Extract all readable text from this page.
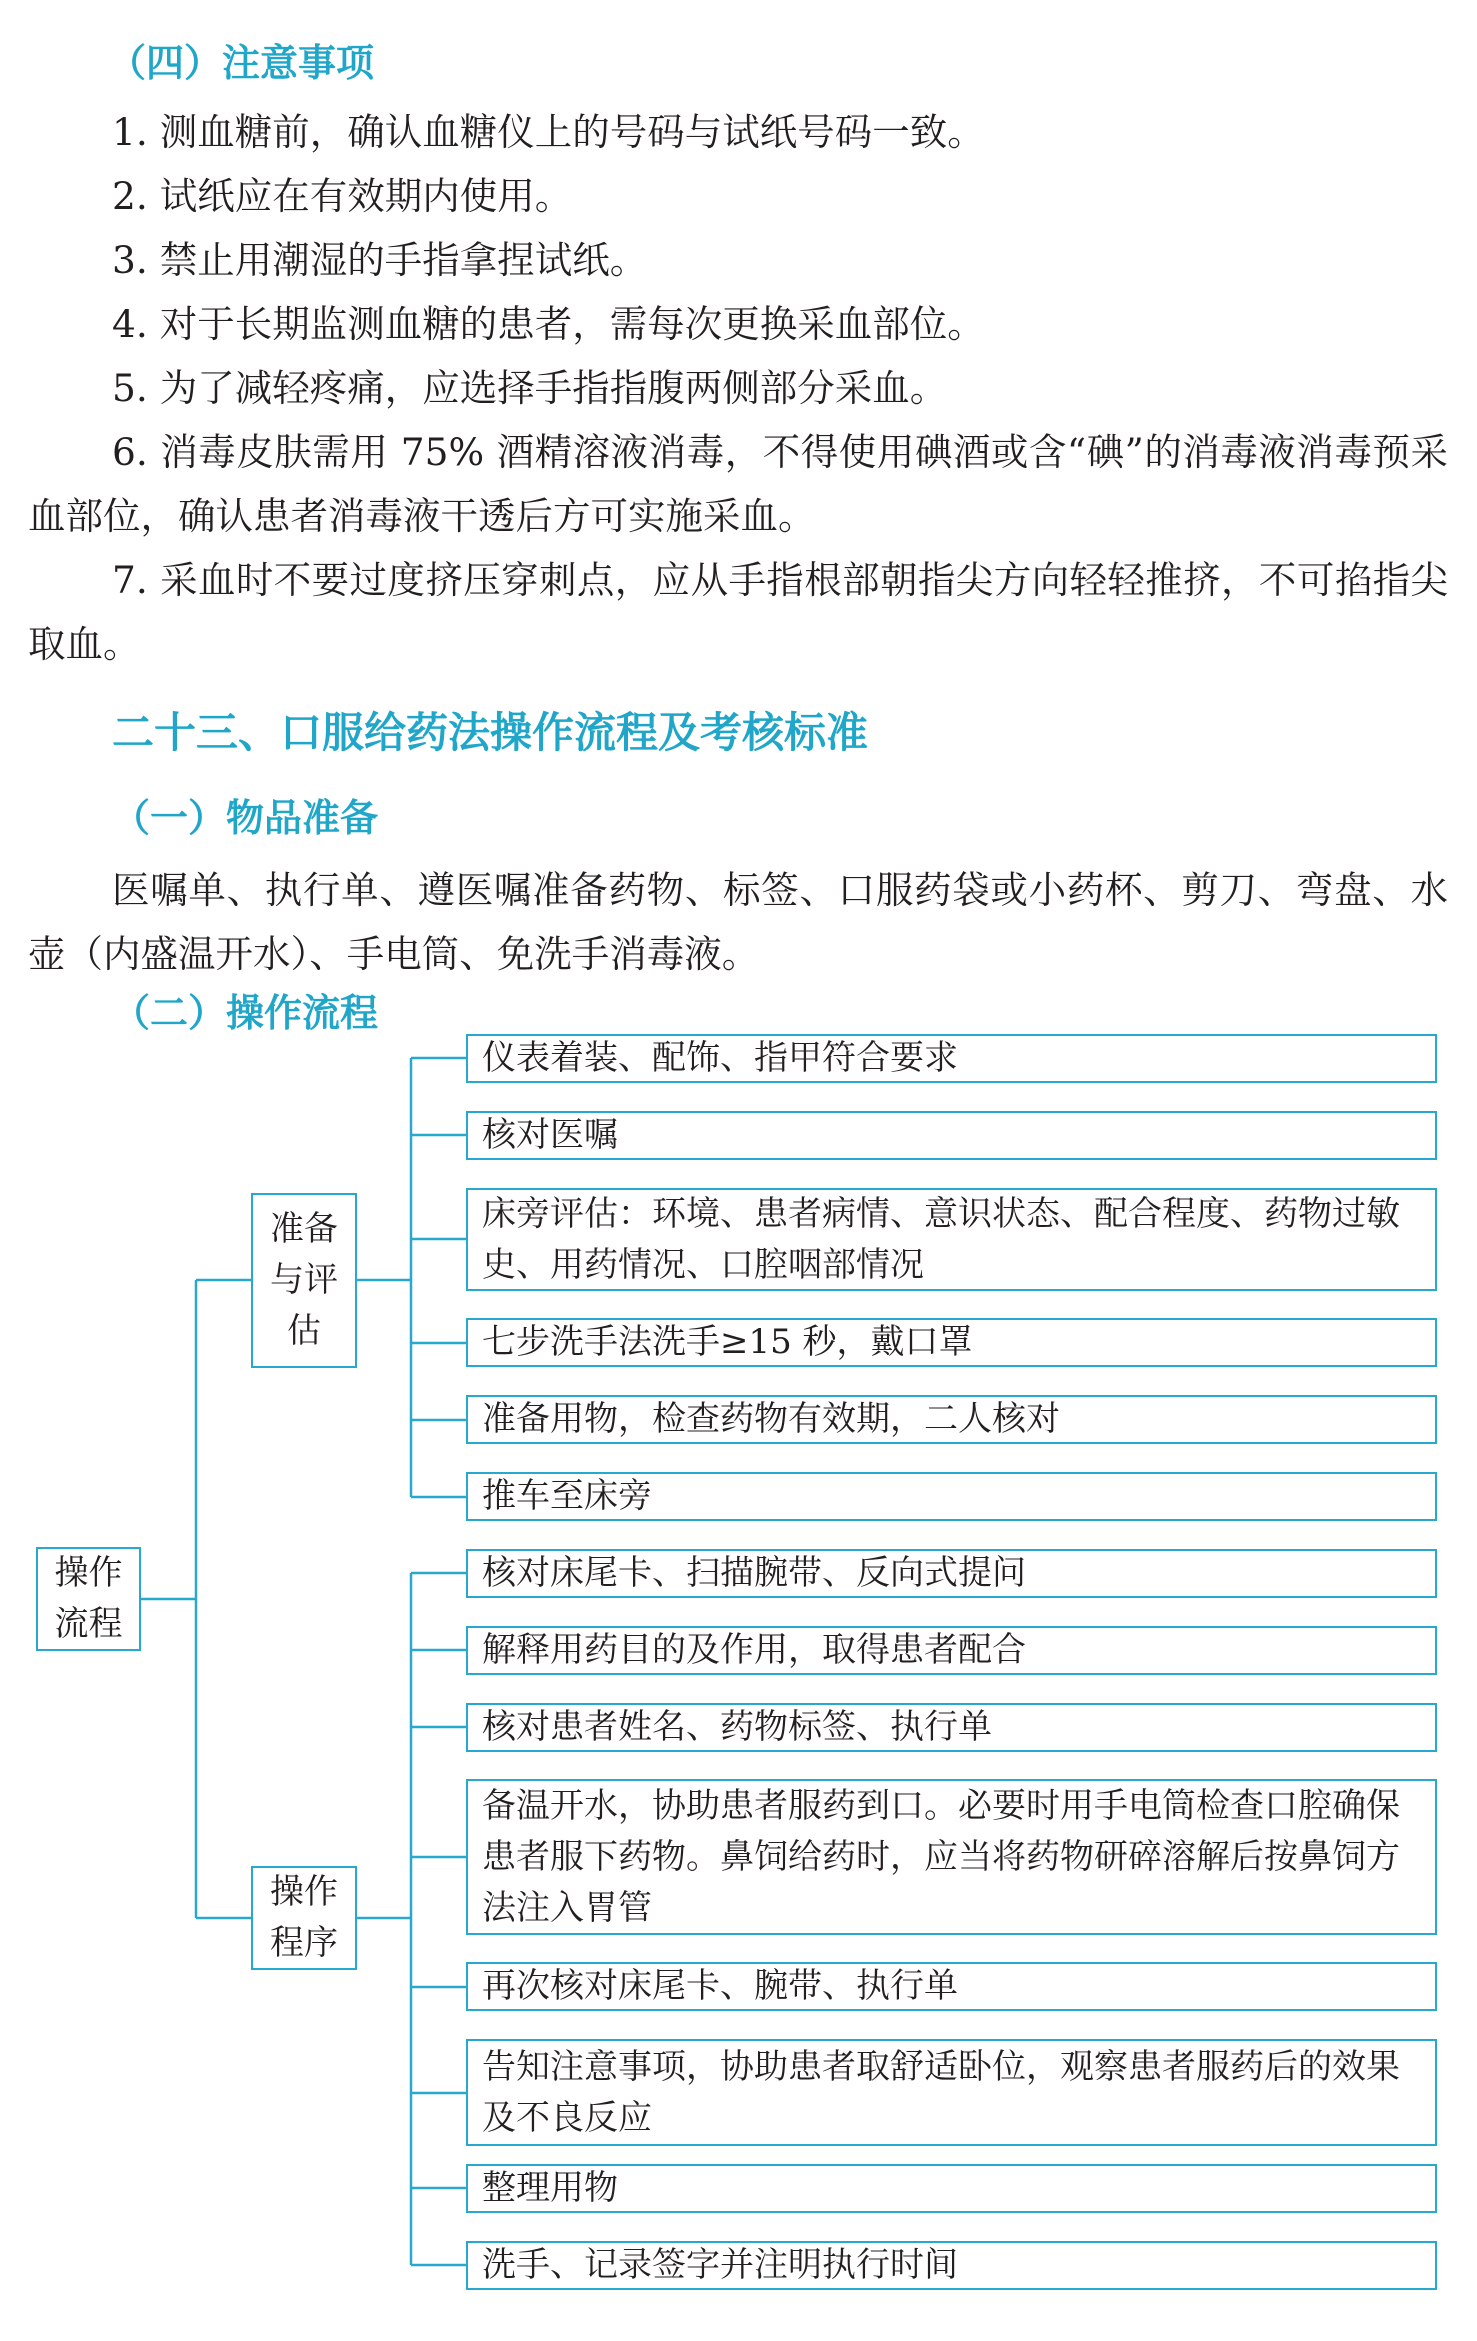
（四）注意事项

1. 测血糖前，确认血糖仪上的号码与试纸号码一致。

2. 试纸应在有效期内使用。

3. 禁止用潮湿的手指拿捏试纸。

4. 对于长期监测血糖的患者，需每次更换采血部位。

5. 为了减轻疼痛，应选择手指指腹两侧部分采血。

6. 消毒皮肤需用 75% 酒精溶液消毒，不得使用碘酒或含“碘”的消毒液消毒预采血部位，确认患者消毒液干透后方可实施采血。

7. 采血时不要过度挤压穿刺点，应从手指根部朝指尖方向轻轻推挤，不可掐指尖取血。

二十三、口服给药法操作流程及考核标准
（一）物品准备

医嘱单、执行单、遵医嘱准备药物、标签、口服药袋或小药杯、剪刀、弯盘、水壶（内盛温开水）、手电筒、免洗手消毒液。

（二）操作流程
操作流程
准备与评估
操作程序
仪表着装、配饰、指甲符合要求
核对医嘱
床旁评估：环境、患者病情、意识状态、配合程度、药物过敏史、用药情况、口腔咽部情况
七步洗手法洗手≥15 秒，戴口罩
准备用物，检查药物有效期，二人核对
推车至床旁
核对床尾卡、扫描腕带、反向式提问
解释用药目的及作用，取得患者配合
核对患者姓名、药物标签、执行单
备温开水，协助患者服药到口。必要时用手电筒检查口腔确保患者服下药物。鼻饲给药时，应当将药物研碎溶解后按鼻饲方法注入胃管
再次核对床尾卡、腕带、执行单
告知注意事项，协助患者取舒适卧位，观察患者服药后的效果及不良反应
整理用物
洗手、记录签字并注明执行时间
